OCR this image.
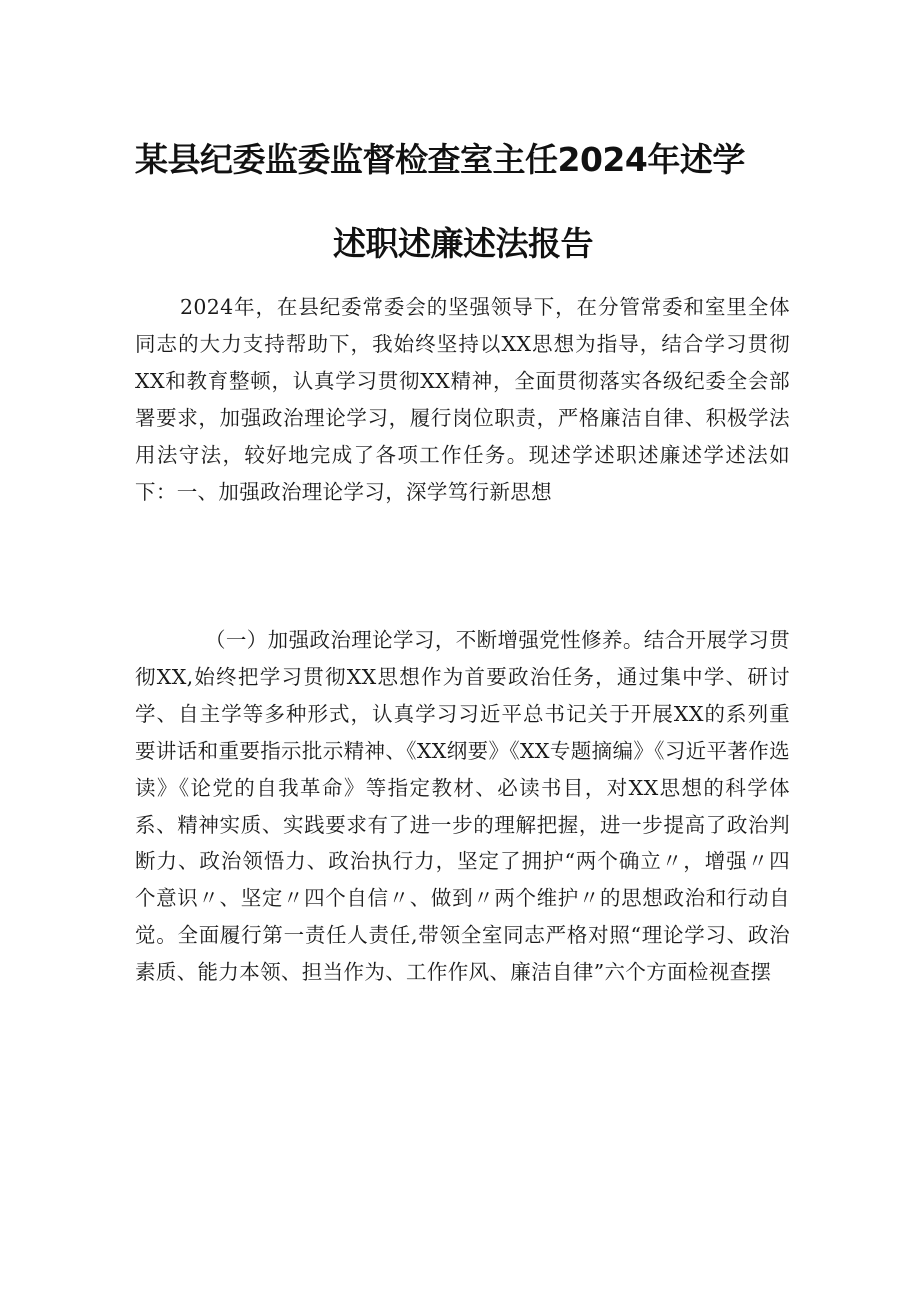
某县纪委监委监督检查室主任2024年述学
述职述廉述法报告

2024年，在县纪委常委会的坚强领导下，在分管常委和室里全体同志的大力支持帮助下，我始终坚持以XX思想为指导，结合学习贯彻XX和教育整顿，认真学习贯彻XX精神，全面贯彻落实各级纪委全会部署要求，加强政治理论学习，履行岗位职责，严格廉洁自律、积极学法用法守法，较好地完成了各项工作任务。现述学述职述廉述学述法如下：一、加强政治理论学习，深学笃行新思想

（一）加强政治理论学习，不断增强党性修养。结合开展学习贯彻XX,始终把学习贯彻XX思想作为首要政治任务，通过集中学、研讨学、自主学等多种形式，认真学习习近平总书记关于开展XX的系列重要讲话和重要指示批示精神、《XX纲要》《XX专题摘编》《习近平著作选读》《论党的自我革命》等指定教材、必读书目，对XX思想的科学体系、精神实质、实践要求有了进一步的理解把握，进一步提高了政治判断力、政治领悟力、政治执行力，坚定了拥护“两个确立〃，增强〃四个意识〃、坚定〃四个自信〃、做到〃两个维护〃的思想政治和行动自觉。全面履行第一责任人责任,带领全室同志严格对照“理论学习、政治素质、能力本领、担当作为、工作作风、廉洁自律”六个方面检视查摆
